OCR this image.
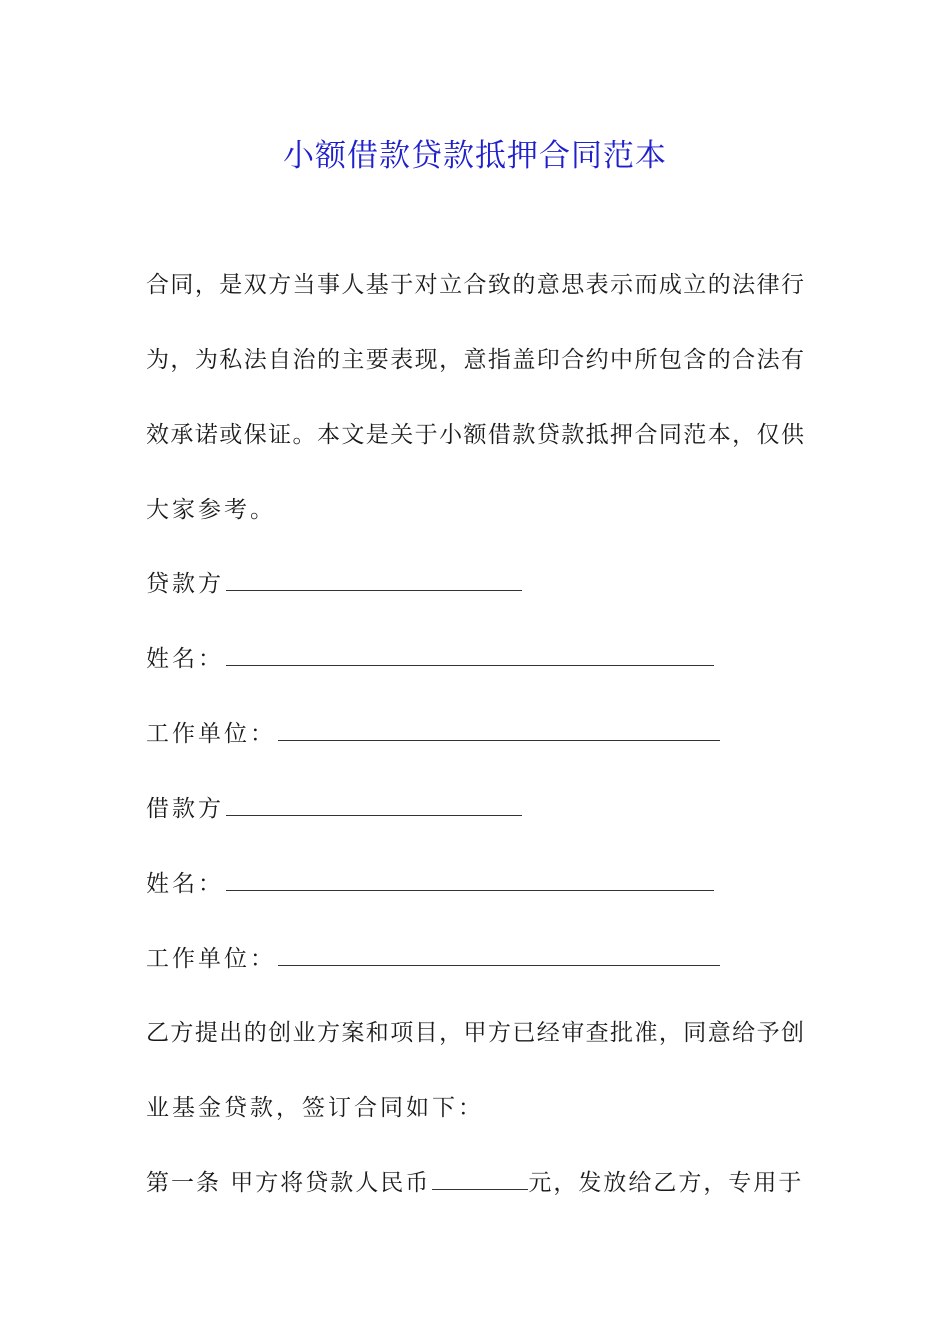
小额借款贷款抵押合同范本
合同，是双方当事人基于对立合致的意思表示而成立的法律行
为，为私法自治的主要表现，意指盖印合约中所包含的合法有
效承诺或保证。本文是关于小额借款贷款抵押合同范本，仅供
大家参考。
贷款方
姓名：
工作单位：
借款方
姓名：
工作单位：
乙方提出的创业方案和项目，甲方已经审查批准，同意给予创
业基金贷款，签订合同如下：
第一条 甲方将贷款人民币	元，发放给乙方，专用于
